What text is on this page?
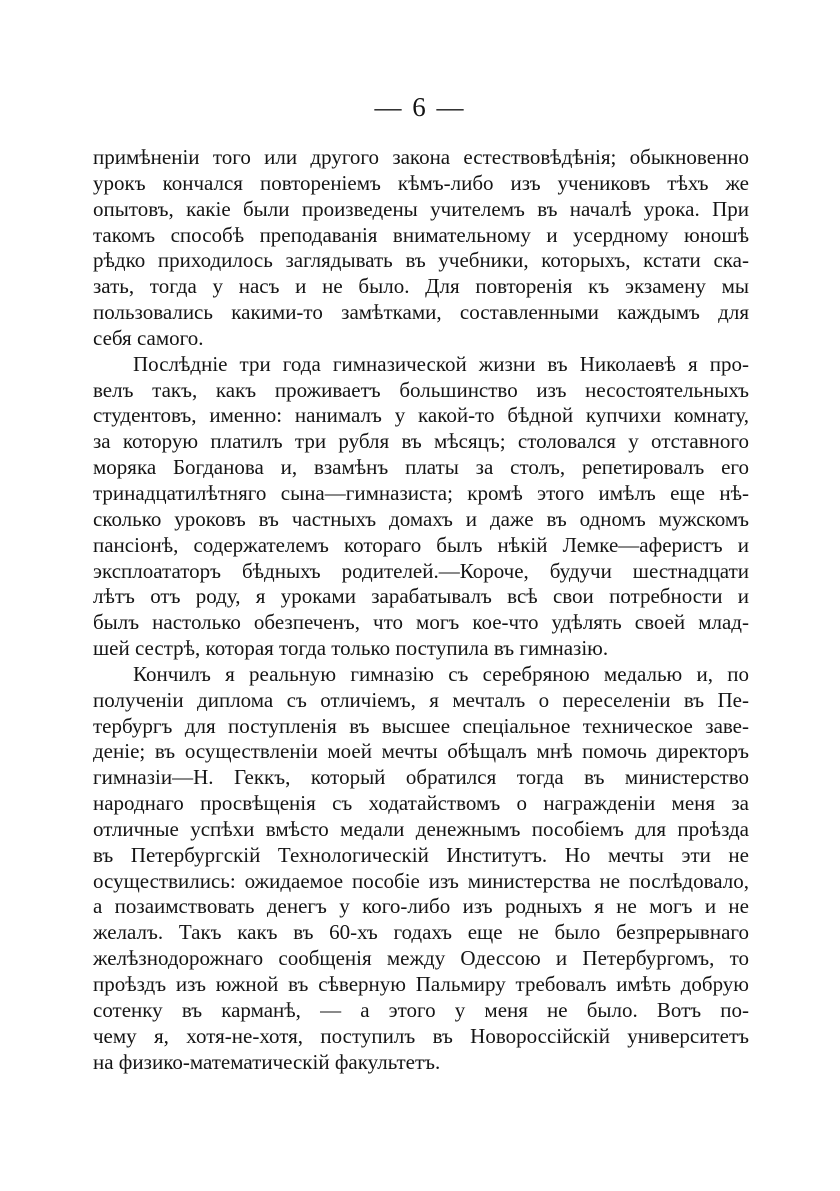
— 6 —
примѣненіи того или другого закона естествовѣдѣнія; обыкновенно
урокъ кончался повтореніемъ кѣмъ-либо изъ учениковъ тѣхъ же
опытовъ, какіе были произведены учителемъ въ началѣ урока. При
такомъ способѣ преподаванія внимательному и усердному юношѣ
рѣдко приходилось заглядывать въ учебники, которыхъ, кстати ска-
зать, тогда у насъ и не было. Для повторенія къ экзамену мы
пользовались какими-то замѣтками, составленными каждымъ для
себя самого.
Послѣдніе три года гимназической жизни въ Николаевѣ я про-
велъ такъ, какъ проживаетъ большинство изъ несостоятельныхъ
студентовъ, именно: нанималъ у какой-то бѣдной купчихи комнату,
за которую платилъ три рубля въ мѣсяцъ; столовался у отставного
моряка Богданова и, взамѣнъ платы за столъ, репетировалъ его
тринадцатилѣтняго сына—гимназиста; кромѣ этого имѣлъ еще нѣ-
сколько уроковъ въ частныхъ домахъ и даже въ одномъ мужскомъ
пансіонѣ, содержателемъ котораго былъ нѣкій Лемке—аферистъ и
эксплоататоръ бѣдныхъ родителей.—Короче, будучи шестнадцати
лѣтъ отъ роду, я уроками зарабатывалъ всѣ свои потребности и
былъ настолько обезпеченъ, что могъ кое-что удѣлять своей млад-
шей сестрѣ, которая тогда только поступила въ гимназію.
Кончилъ я реальную гимназію съ серебряною медалью и, по
полученіи диплома съ отличіемъ, я мечталъ о переселеніи въ Пе-
тербургъ для поступленія въ высшее спеціальное техническое заве-
деніе; въ осуществленіи моей мечты обѣщалъ мнѣ помочь директоръ
гимназіи—Н. Геккъ, который обратился тогда въ министерство
народнаго просвѣщенія съ ходатайствомъ о награжденіи меня за
отличные успѣхи вмѣсто медали денежнымъ пособіемъ для проѣзда
въ Петербургскій Технологическій Институтъ. Но мечты эти не
осуществились: ожидаемое пособіе изъ министерства не послѣдовало,
а позаимствовать денегъ у кого-либо изъ родныхъ я не могъ и не
желалъ. Такъ какъ въ 60-хъ годахъ еще не было безпрерывнаго
желѣзнодорожнаго сообщенія между Одессою и Петербургомъ, то
проѣздъ изъ южной въ сѣверную Пальмиру требовалъ имѣть добрую
сотенку въ карманѣ, — а этого у меня не было. Вотъ по-
чему я, хотя-не-хотя, поступилъ въ Новороссійскій университетъ
на физико-математическій факультетъ.
